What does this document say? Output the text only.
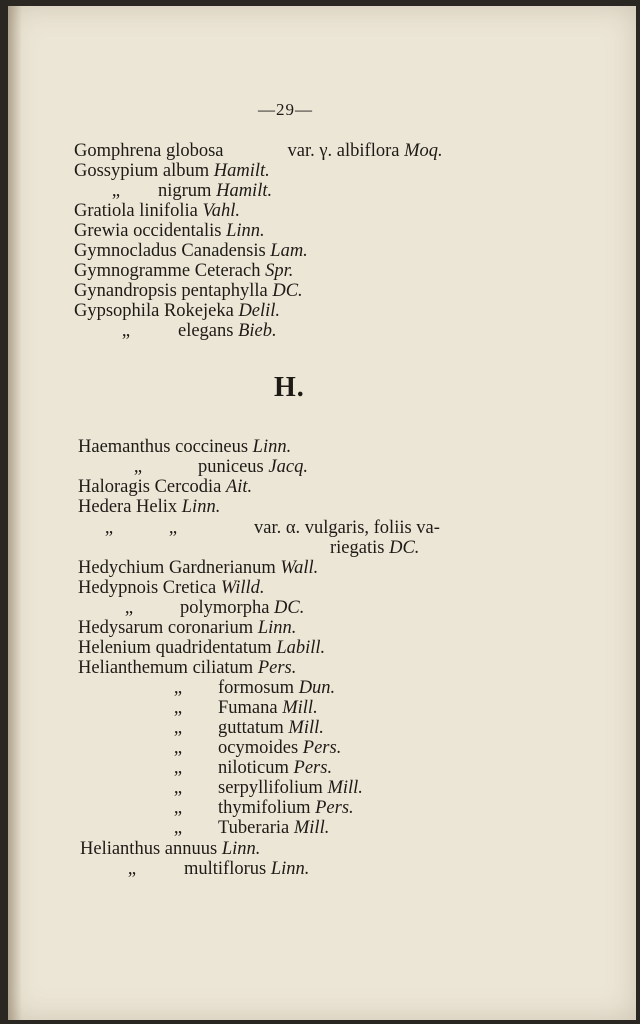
—29—
Gomphrena globosa	var. γ. albiflora Moq.
Gossypium album Hamilt.
„ nigrum Hamilt.
Gratiola linifolia Vahl.
Grewia occidentalis Linn.
Gymnocladus Canadensis Lam.
Gymnogramme Ceterach Spr.
Gynandropsis pentaphylla DC.
Gypsophila Rokejeka Delil.
„	elegans Bieb.
H.
Haemanthus coccineus Linn.
„	puniceus Jacq.
Haloragis Cercodia Ait.
Hedera Helix Linn.
„	„	var. α. vulgaris, foliis va-
riegatis DC.
Hedychium Gardnerianum Wall.
Hedypnois Cretica Willd.
„	polymorpha DC.
Hedysarum coronarium Linn.
Helenium quadridentatum Labill.
Helianthemum ciliatum Pers.
„ formosum Dun.
„ Fumana Mill.
„ guttatum Mill.
„ ocymoides Pers.
„ niloticum Pers.
„ serpyllifolium Mill.
„ thymifolium Pers.
„ Tuberaria Mill.
Helianthus annuus Linn.
„	multiflorus Linn.
